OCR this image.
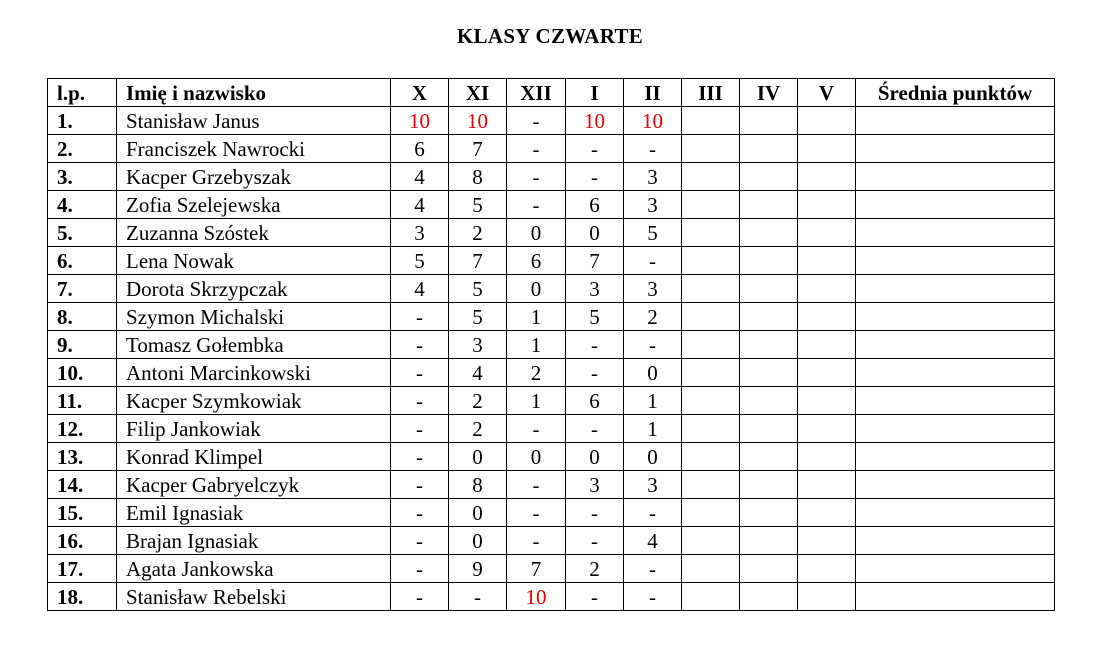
KLASY CZWARTE
l.p.	Imię i nazwisko	X	XI	XII	I	II	III	IV	V	Średnia punktów
1.	Stanisław Janus	10	10	-	10	10				
2.	Franciszek Nawrocki	6	7	-	-	-				
3.	Kacper Grzebyszak	4	8	-	-	3				
4.	Zofia Szelejewska	4	5	-	6	3				
5.	Zuzanna Szóstek	3	2	0	0	5				
6.	Lena Nowak	5	7	6	7	-				
7.	Dorota Skrzypczak	4	5	0	3	3				
8.	Szymon Michalski	-	5	1	5	2				
9.	Tomasz Gołembka	-	3	1	-	-				
10.	Antoni Marcinkowski	-	4	2	-	0				
11.	Kacper Szymkowiak	-	2	1	6	1				
12.	Filip Jankowiak	-	2	-	-	1				
13.	Konrad Klimpel	-	0	0	0	0				
14.	Kacper Gabryelczyk	-	8	-	3	3				
15.	Emil Ignasiak	-	0	-	-	-				
16.	Brajan Ignasiak	-	0	-	-	4				
17.	Agata Jankowska	-	9	7	2	-				
18.	Stanisław Rebelski	-	-	10	-	-				
